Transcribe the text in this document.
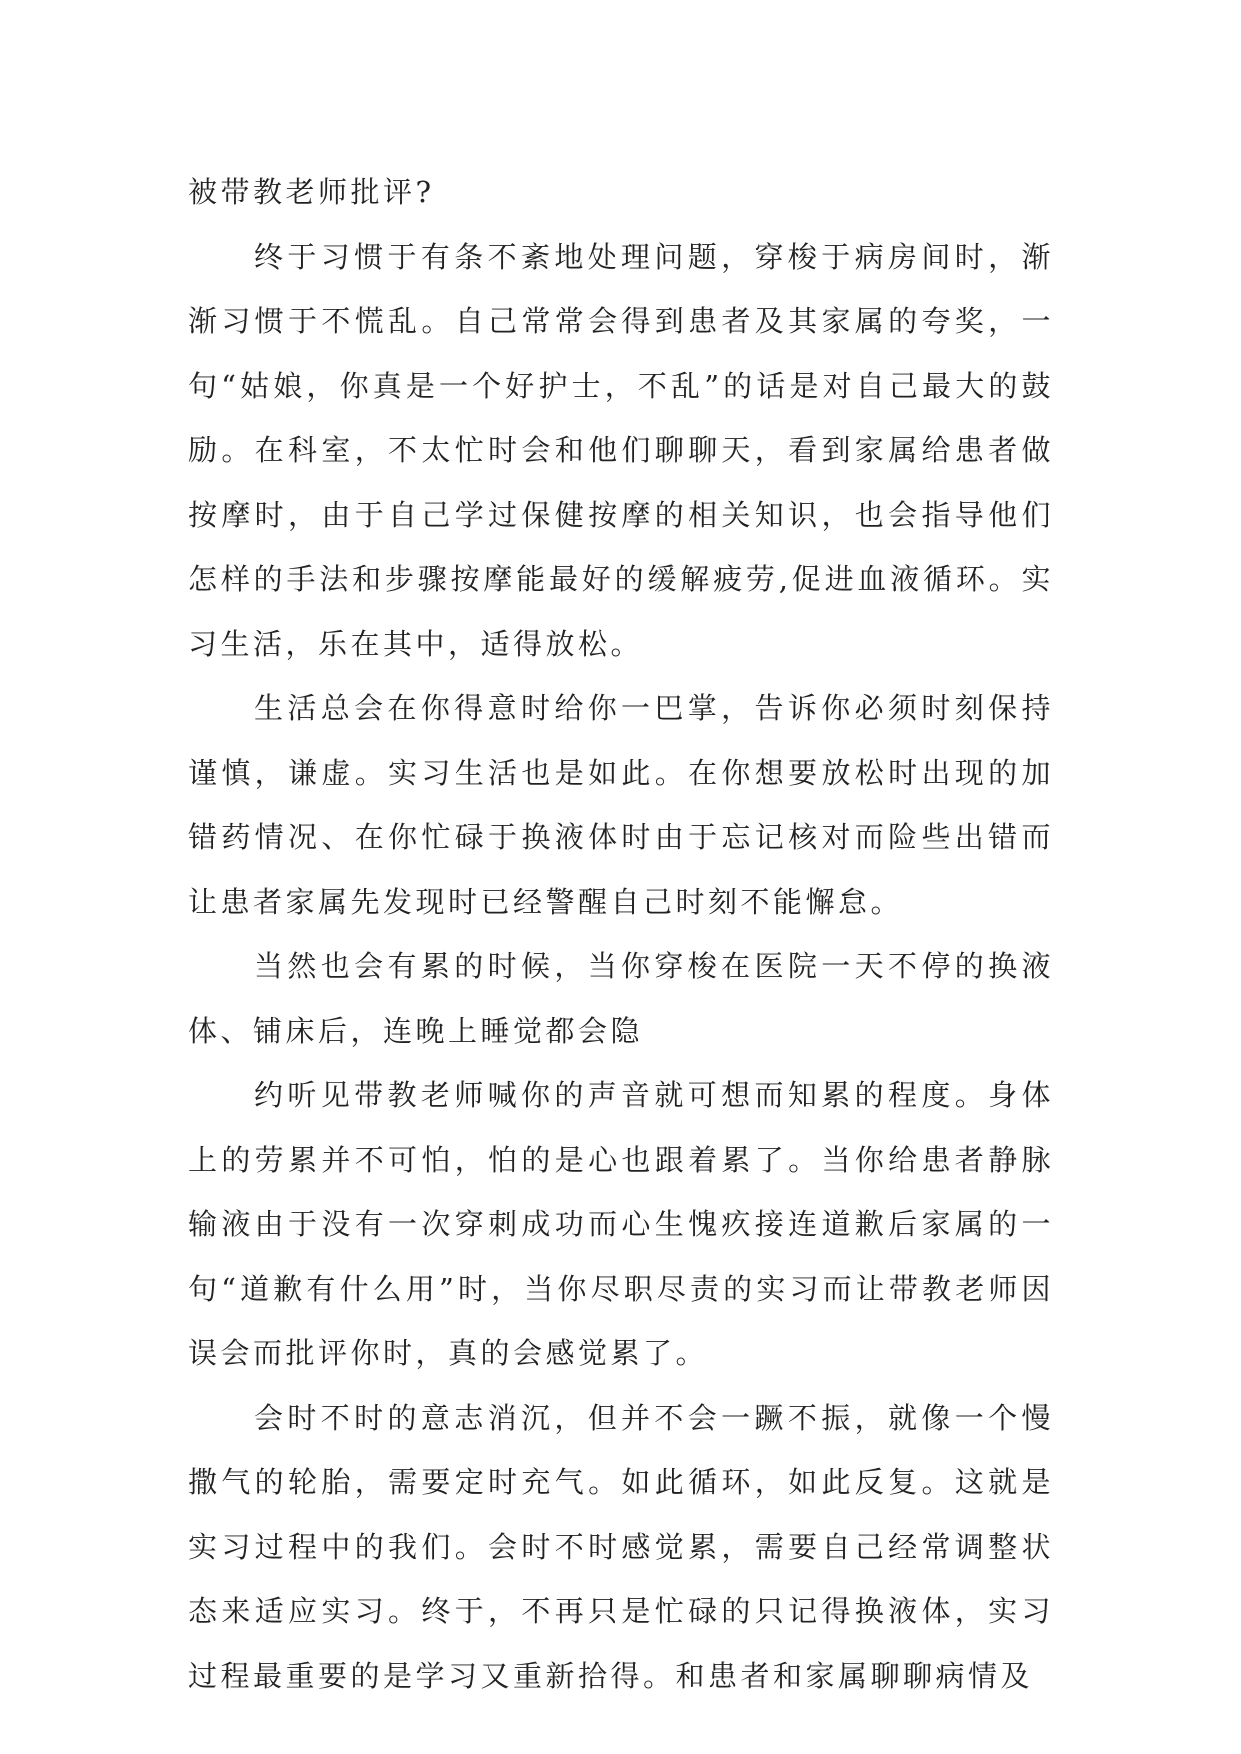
被带教老师批评?

终于习惯于有条不紊地处理问题，穿梭于病房间时，渐渐习惯于不慌乱。自己常常会得到患者及其家属的夸奖，一句“姑娘，你真是一个好护士，不乱”的话是对自己最大的鼓励。在科室，不太忙时会和他们聊聊天，看到家属给患者做按摩时，由于自己学过保健按摩的相关知识，也会指导他们怎样的手法和步骤按摩能最好的缓解疲劳,促进血液循环。实习生活，乐在其中，适得放松。

生活总会在你得意时给你一巴掌，告诉你必须时刻保持谨慎，谦虚。实习生活也是如此。在你想要放松时出现的加错药情况、在你忙碌于换液体时由于忘记核对而险些出错而让患者家属先发现时已经警醒自己时刻不能懈怠。

当然也会有累的时候，当你穿梭在医院一天不停的换液体、铺床后，连晚上睡觉都会隐

约听见带教老师喊你的声音就可想而知累的程度。身体上的劳累并不可怕，怕的是心也跟着累了。当你给患者静脉输液由于没有一次穿刺成功而心生愧疚接连道歉后家属的一句“道歉有什么用”时，当你尽职尽责的实习而让带教老师因误会而批评你时，真的会感觉累了。

会时不时的意志消沉，但并不会一蹶不振，就像一个慢撒气的轮胎，需要定时充气。如此循环，如此反复。这就是实习过程中的我们。会时不时感觉累，需要自己经常调整状态来适应实习。终于，不再只是忙碌的只记得换液体，实习过程最重要的是学习又重新拾得。和患者和家属聊聊病情及
